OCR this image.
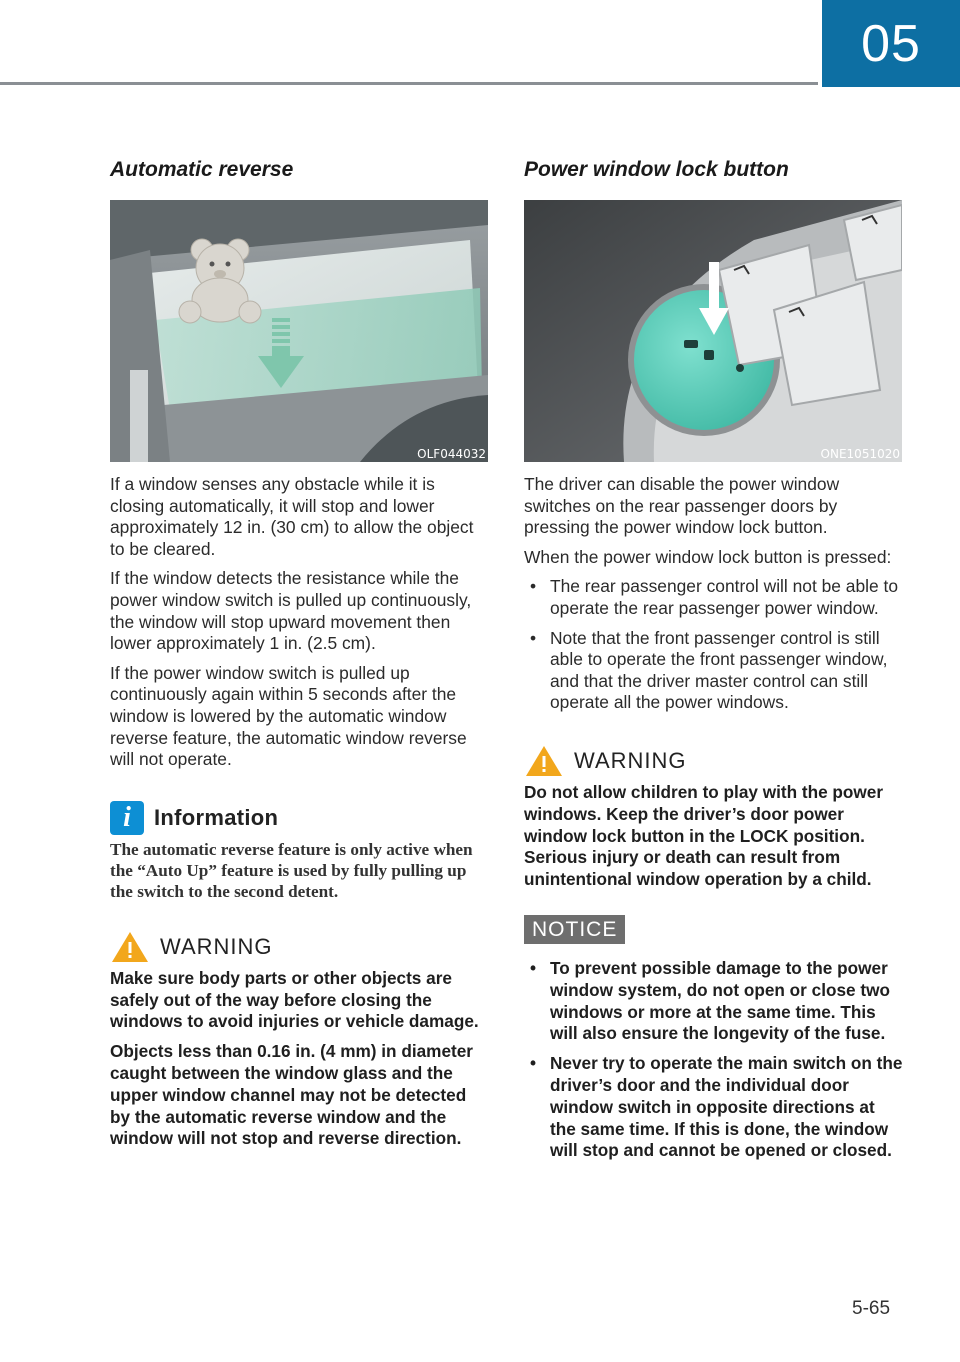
05
Automatic reverse
OLF044032

If a window senses any obstacle while it is closing automatically, it will stop and lower approximately 12 in. (30 cm) to allow the object to be cleared.

If the window detects the resistance while the power window switch is pulled up continuously, the window will stop upward movement then lower approximately 1 in. (2.5 cm).

If the power window switch is pulled up continuously again within 5 seconds after the window is lowered by the automatic window reverse feature, the automatic window reverse will not operate.

i	Information

The automatic reverse feature is only active when the “Auto Up” feature is used by fully pulling up the switch to the second detent.

WARNING

Make sure body parts or other objects are safely out of the way before closing the windows to avoid injuries or vehicle damage.

Objects less than 0.16 in. (4 mm) in diameter caught between the window glass and the upper window channel may not be detected by the automatic reverse window and the window will not stop and reverse direction.

Power window lock button
ONE1051020

The driver can disable the power window switches on the rear passenger doors by pressing the power window lock button.

When the power window lock button is pressed:

• The rear passenger control will not be able to operate the rear passenger power window.
• Note that the front passenger control is still able to operate the front passenger window, and that the driver master control can still operate all the power windows.
WARNING

Do not allow children to play with the power windows. Keep the driver’s door power window lock button in the LOCK position. Serious injury or death can result from unintentional window operation by a child.

NOTICE
• To prevent possible damage to the power window system, do not open or close two windows or more at the same time. This will also ensure the longevity of the fuse.
• Never try to operate the main switch on the driver’s door and the individual door window switch in opposite directions at the same time. If this is done, the window will stop and cannot be opened or closed.
5-65
